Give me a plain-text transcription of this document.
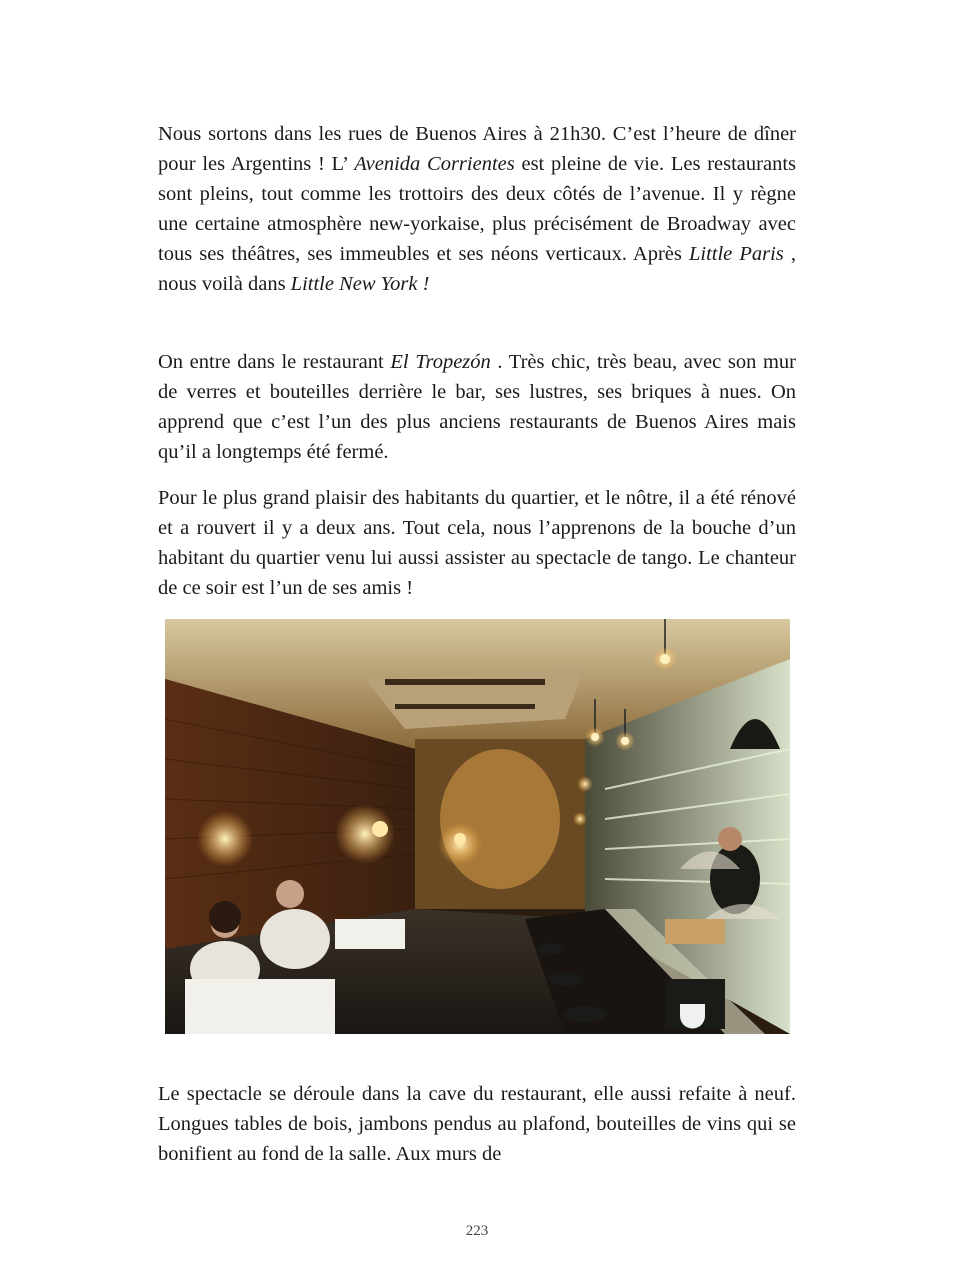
Nous sortons dans les rues de Buenos Aires à 21h30. C’est l’heure de dîner pour les Argentins ! L’ Avenida Corrientes est pleine de vie. Les restaurants sont pleins, tout comme les trottoirs des deux côtés de l’avenue. Il y règne une certaine atmosphère new-yorkaise, plus précisément de Broadway avec tous ses théâtres, ses immeubles et ses néons verticaux. Après Little Paris , nous voilà dans Little New York !

On entre dans le restaurant El Tropezón . Très chic, très beau, avec son mur de verres et bouteilles derrière le bar, ses lustres, ses briques à nues. On apprend que c’est l’un des plus anciens restaurants de Buenos Aires mais qu’il a longtemps été fermé.

Pour le plus grand plaisir des habitants du quartier, et le nôtre, il a été rénové et a rouvert il y a deux ans. Tout cela, nous l’apprenons de la bouche d’un habitant du quartier venu lui aussi assister au spectacle de tango. Le chanteur de ce soir est l’un de ses amis !

Le spectacle se déroule dans la cave du restaurant, elle aussi refaite à neuf. Longues tables de bois, jambons pendus au plafond, bouteilles de vins qui se bonifient au fond de la salle. Aux murs de

223
